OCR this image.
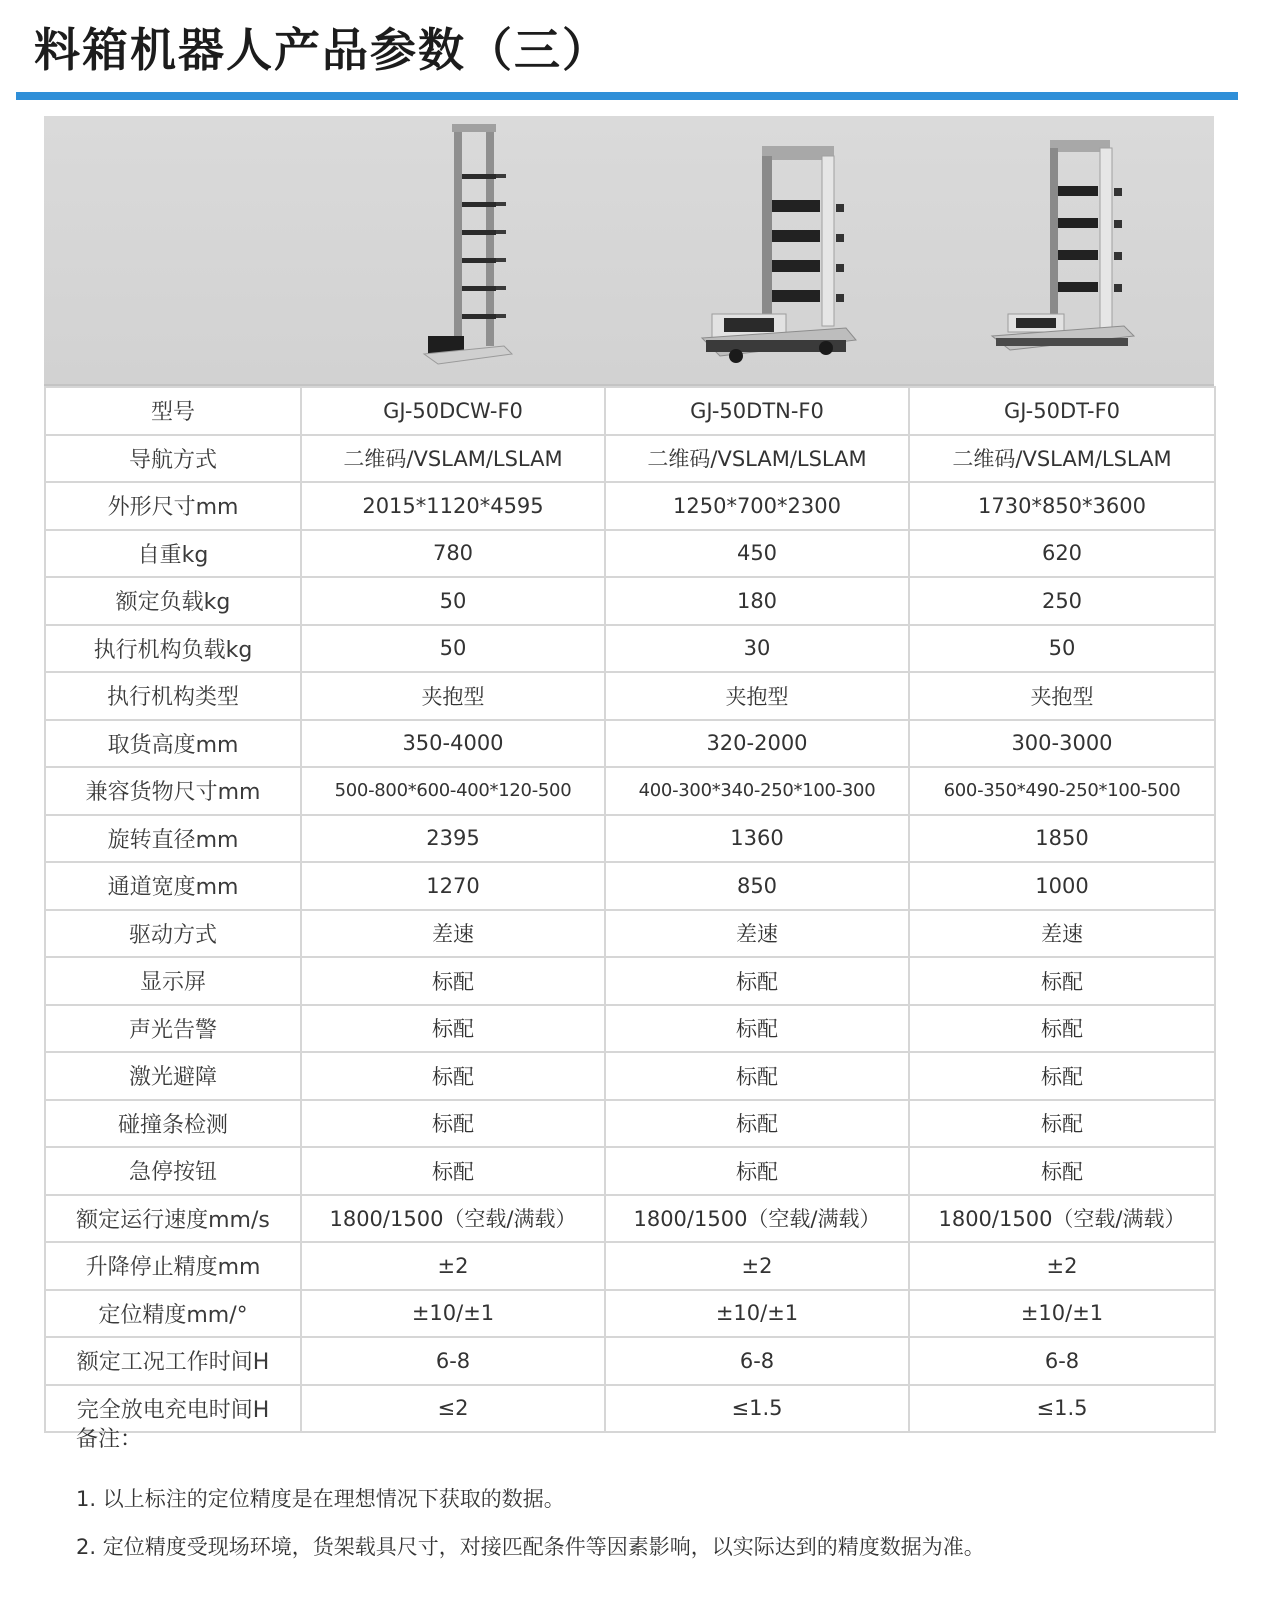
料箱机器人产品参数（三）
型号	GJ-50DCW-F0	GJ-50DTN-F0	GJ-50DT-F0
导航方式	二维码/VSLAM/LSLAM	二维码/VSLAM/LSLAM	二维码/VSLAM/LSLAM
外形尺寸mm	2015*1120*4595	1250*700*2300	1730*850*3600
自重kg	780	450	620
额定负载kg	50	180	250
执行机构负载kg	50	30	50
执行机构类型	夹抱型	夹抱型	夹抱型
取货高度mm	350-4000	320-2000	300-3000
兼容货物尺寸mm	500-800*600-400*120-500	400-300*340-250*100-300	600-350*490-250*100-500
旋转直径mm	2395	1360	1850
通道宽度mm	1270	850	1000
驱动方式	差速	差速	差速
显示屏	标配	标配	标配
声光告警	标配	标配	标配
激光避障	标配	标配	标配
碰撞条检测	标配	标配	标配
急停按钮	标配	标配	标配
额定运行速度mm/s	1800/1500（空载/满载）	1800/1500（空载/满载）	1800/1500（空载/满载）
升降停止精度mm	±2	±2	±2
定位精度mm/°	±10/±1	±10/±1	±10/±1
额定工况工作时间H	6-8	6-8	6-8
完全放电充电时间H	≤2	≤1.5	≤1.5

备注：

1. 以上标注的定位精度是在理想情况下获取的数据。

2. 定位精度受现场环境，货架载具尺寸，对接匹配条件等因素影响，以实际达到的精度数据为准。
